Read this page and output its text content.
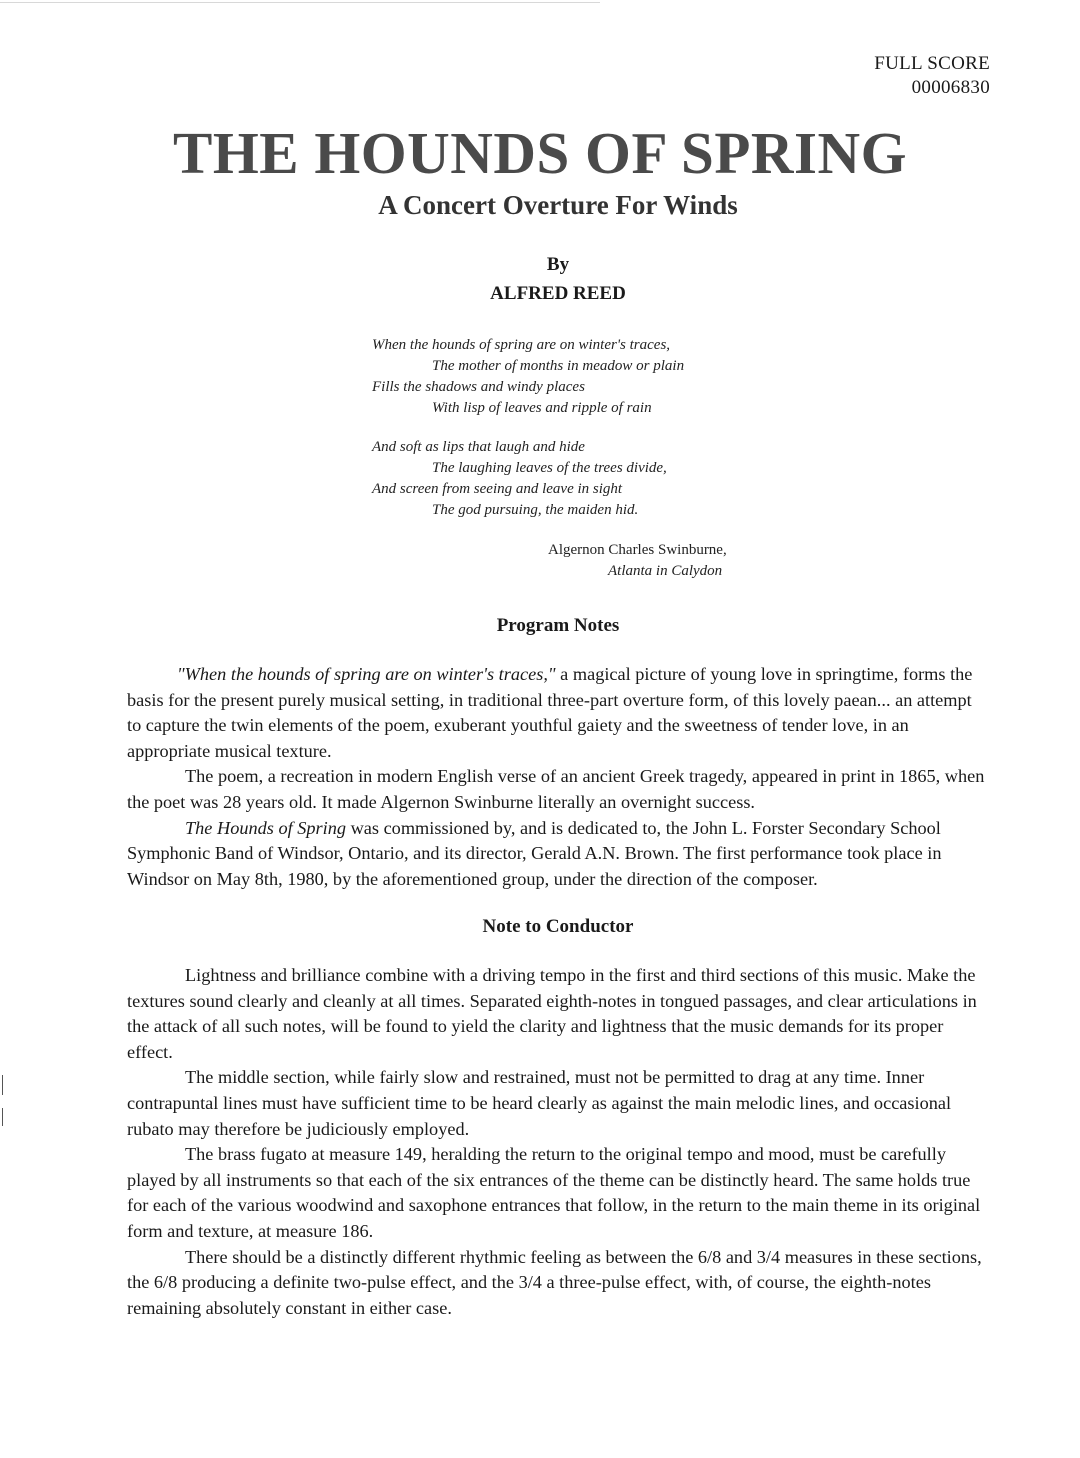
FULL SCORE
00006830
THE HOUNDS OF SPRING
A Concert Overture For Winds
By
ALFRED REED
When the hounds of spring are on winter's traces,
The mother of months in meadow or plain
Fills the shadows and windy places
With lisp of leaves and ripple of rain
And soft as lips that laugh and hide
The laughing leaves of the trees divide,
And screen from seeing and leave in sight
The god pursuing, the maiden hid.
Algernon Charles Swinburne,
Atlanta in Calydon
Program Notes

"When the hounds of spring are on winter's traces," a magical picture of young love in springtime, forms the basis for the present purely musical setting, in traditional three-part overture form, of this lovely paean... an attempt to capture the twin elements of the poem, exuberant youthful gaiety and the sweetness of tender love, in an appropriate musical texture.

The poem, a recreation in modern English verse of an ancient Greek tragedy, appeared in print in 1865, when the poet was 28 years old. It made Algernon Swinburne literally an overnight success.

The Hounds of Spring was commissioned by, and is dedicated to, the John L. Forster Secondary School Symphonic Band of Windsor, Ontario, and its director, Gerald A.N. Brown. The first performance took place in Windsor on May 8th, 1980, by the aforementioned group, under the direction of the composer.

Note to Conductor

Lightness and brilliance combine with a driving tempo in the first and third sections of this music. Make the textures sound clearly and cleanly at all times. Separated eighth-notes in tongued passages, and clear articulations in the attack of all such notes, will be found to yield the clarity and lightness that the music demands for its proper effect.

The middle section, while fairly slow and restrained, must not be permitted to drag at any time. Inner contrapuntal lines must have sufficient time to be heard clearly as against the main melodic lines, and occasional rubato may therefore be judiciously employed.

The brass fugato at measure 149, heralding the return to the original tempo and mood, must be carefully played by all instruments so that each of the six entrances of the theme can be distinctly heard. The same holds true for each of the various woodwind and saxophone entrances that follow, in the return to the main theme in its original form and texture, at measure 186.

There should be a distinctly different rhythmic feeling as between the 6/8 and 3/4 measures in these sections, the 6/8 producing a definite two-pulse effect, and the 3/4 a three-pulse effect, with, of course, the eighth-notes remaining absolutely constant in either case.
